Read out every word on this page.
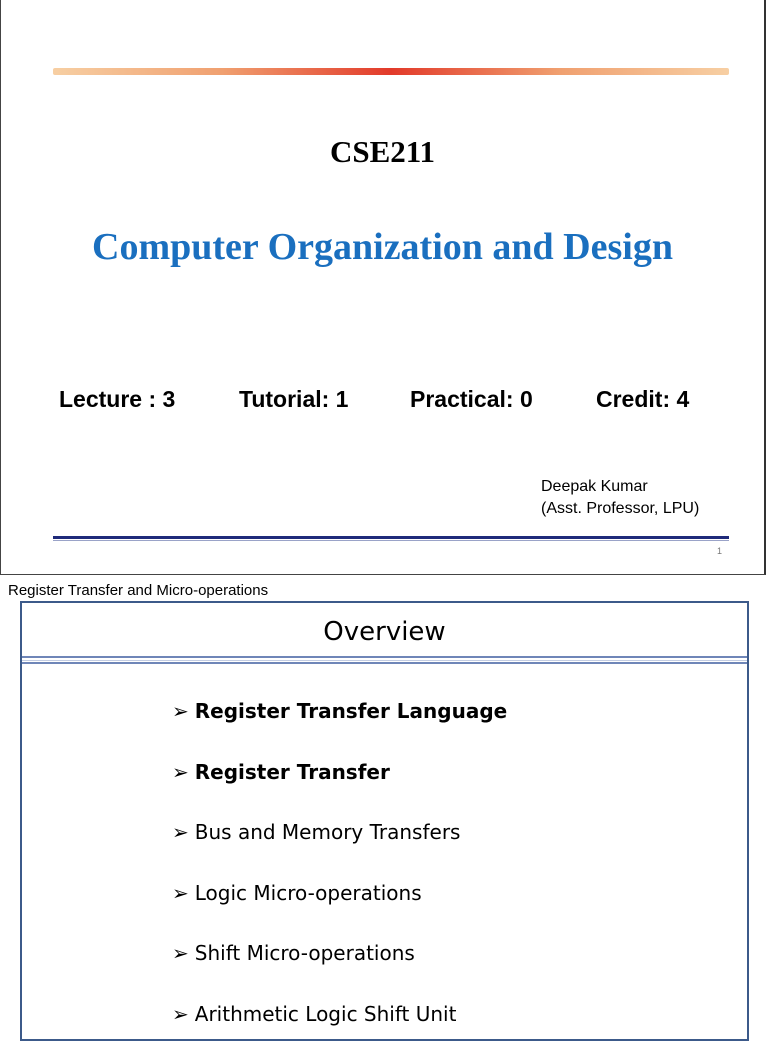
CSE211
Computer Organization and Design
Lecture : 3	Tutorial: 1	Practical: 0	Credit: 4
Deepak Kumar
(Asst. Professor, LPU)
1
Register Transfer and Micro-operations
Overview
➢ Register Transfer Language
➢ Register Transfer
➢ Bus and Memory Transfers
➢ Logic Micro-operations
➢ Shift Micro-operations
➢ Arithmetic Logic Shift Unit
